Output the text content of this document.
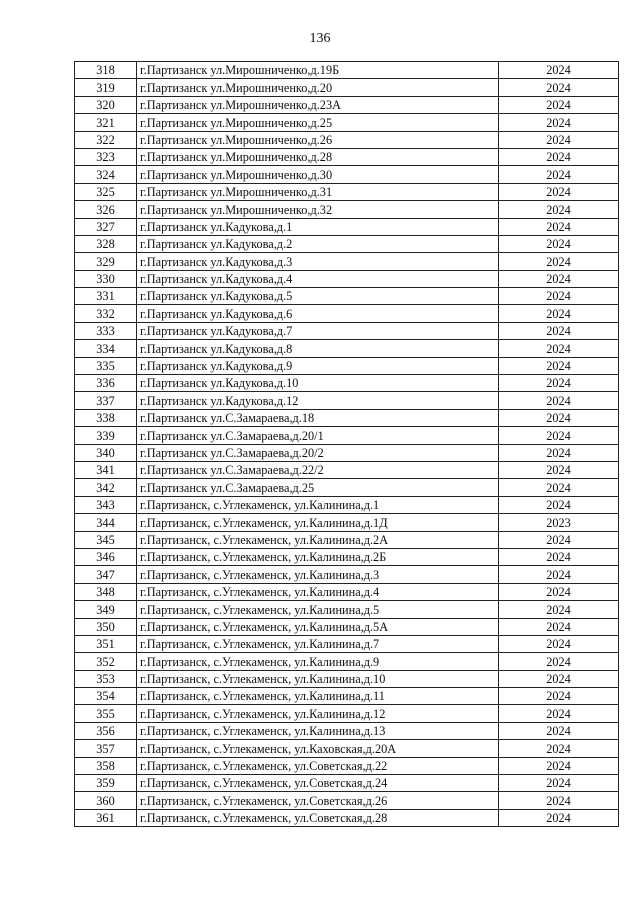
136
318	г.Партизанск ул.Мирошниченко,д.19Б	2024
319	г.Партизанск ул.Мирошниченко,д.20	2024
320	г.Партизанск ул.Мирошниченко,д.23А	2024
321	г.Партизанск ул.Мирошниченко,д.25	2024
322	г.Партизанск ул.Мирошниченко,д.26	2024
323	г.Партизанск ул.Мирошниченко,д.28	2024
324	г.Партизанск ул.Мирошниченко,д.30	2024
325	г.Партизанск ул.Мирошниченко,д.31	2024
326	г.Партизанск ул.Мирошниченко,д.32	2024
327	г.Партизанск ул.Кадукова,д.1	2024
328	г.Партизанск ул.Кадукова,д.2	2024
329	г.Партизанск ул.Кадукова,д.3	2024
330	г.Партизанск ул.Кадукова,д.4	2024
331	г.Партизанск ул.Кадукова,д.5	2024
332	г.Партизанск ул.Кадукова,д.6	2024
333	г.Партизанск ул.Кадукова,д.7	2024
334	г.Партизанск ул.Кадукова,д.8	2024
335	г.Партизанск ул.Кадукова,д.9	2024
336	г.Партизанск ул.Кадукова,д.10	2024
337	г.Партизанск ул.Кадукова,д.12	2024
338	г.Партизанск ул.С.Замараева,д.18	2024
339	г.Партизанск ул.С.Замараева,д.20/1	2024
340	г.Партизанск ул.С.Замараева,д.20/2	2024
341	г.Партизанск ул.С.Замараева,д.22/2	2024
342	г.Партизанск ул.С.Замараева,д.25	2024
343	г.Партизанск, с.Углекаменск, ул.Калинина,д.1	2024
344	г.Партизанск, с.Углекаменск, ул.Калинина,д.1Д	2023
345	г.Партизанск, с.Углекаменск, ул.Калинина,д.2А	2024
346	г.Партизанск, с.Углекаменск, ул.Калинина,д.2Б	2024
347	г.Партизанск, с.Углекаменск, ул.Калинина,д.3	2024
348	г.Партизанск, с.Углекаменск, ул.Калинина,д.4	2024
349	г.Партизанск, с.Углекаменск, ул.Калинина,д.5	2024
350	г.Партизанск, с.Углекаменск, ул.Калинина,д.5А	2024
351	г.Партизанск, с.Углекаменск, ул.Калинина,д.7	2024
352	г.Партизанск, с.Углекаменск, ул.Калинина,д.9	2024
353	г.Партизанск, с.Углекаменск, ул.Калинина,д.10	2024
354	г.Партизанск, с.Углекаменск, ул.Калинина,д.11	2024
355	г.Партизанск, с.Углекаменск, ул.Калинина,д.12	2024
356	г.Партизанск, с.Углекаменск, ул.Калинина,д.13	2024
357	г.Партизанск, с.Углекаменск, ул.Каховская,д.20А	2024
358	г.Партизанск, с.Углекаменск, ул.Советская,д.22	2024
359	г.Партизанск, с.Углекаменск, ул.Советская,д.24	2024
360	г.Партизанск, с.Углекаменск, ул.Советская,д.26	2024
361	г.Партизанск, с.Углекаменск, ул.Советская,д.28	2024
